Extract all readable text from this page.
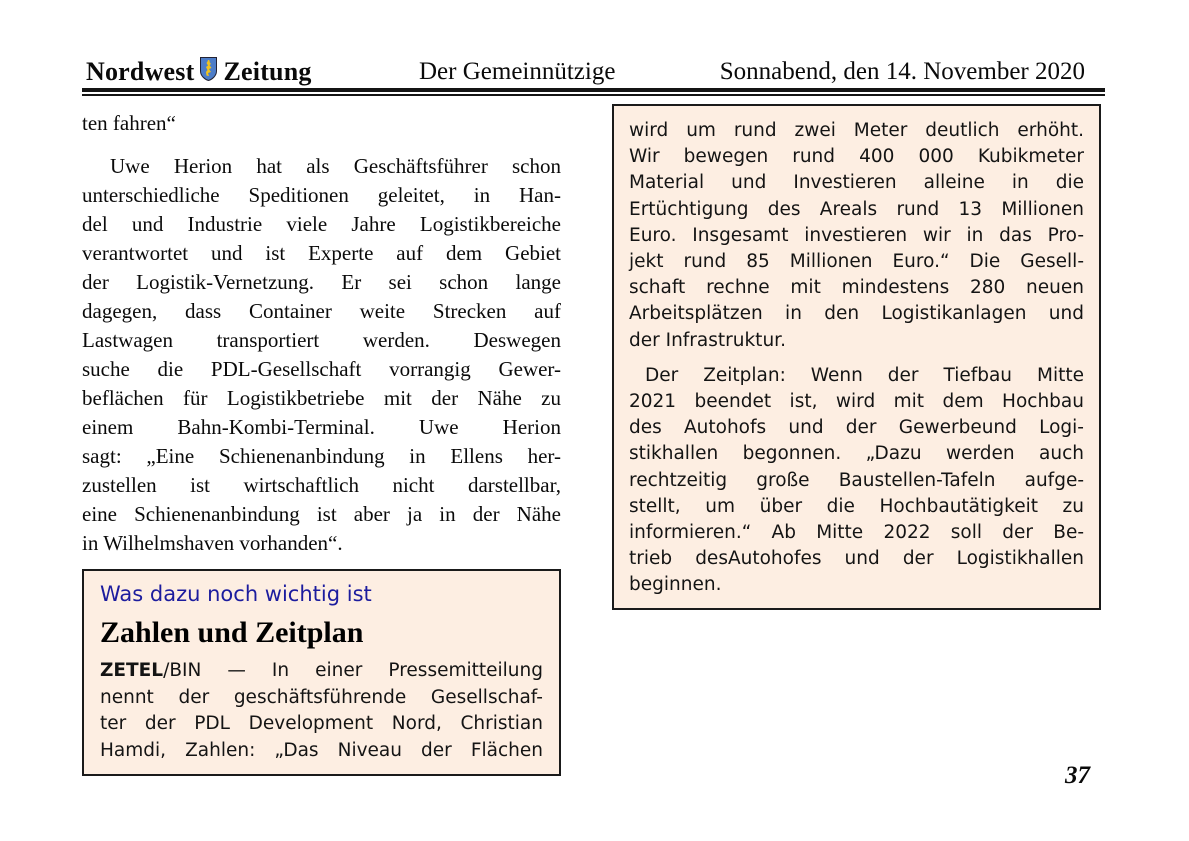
Nordwest Zeitung	Der Gemeinnützige	Sonnabend, den 14. November 2020
ten fahren“
Uwe Herion hat als Geschäftsführer schon
unterschiedliche Speditionen geleitet, in Han-
del und Industrie viele Jahre Logistikbereiche
verantwortet und ist Experte auf dem Gebiet
der Logistik-Vernetzung. Er sei schon lange
dagegen, dass Container weite Strecken auf
Lastwagen transportiert werden. Deswegen
suche die PDL-Gesellschaft vorrangig Gewer-
beflächen für Logistikbetriebe mit der Nähe zu
einem Bahn-Kombi-Terminal. Uwe Herion
sagt: „Eine Schienenanbindung in Ellens her-
zustellen ist wirtschaftlich nicht darstellbar,
eine Schienenanbindung ist aber ja in der Nähe
in Wilhelmshaven vorhanden“.
Was dazu noch wichtig ist
Zahlen und Zeitplan
ZETEL/BIN — In einer Pressemitteilung
nennt der geschäftsführende Gesellschaf-
ter der PDL Development Nord, Christian
Hamdi, Zahlen: „Das Niveau der Flächen
wird um rund zwei Meter deutlich erhöht.
Wir bewegen rund 400 000 Kubikmeter
Material und Investieren alleine in die
Ertüchtigung des Areals rund 13 Millionen
Euro. Insgesamt investieren wir in das Pro-
jekt rund 85 Millionen Euro.“ Die Gesell-
schaft rechne mit mindestens 280 neuen
Arbeitsplätzen in den Logistikanlagen und
der Infrastruktur.
Der Zeitplan: Wenn der Tiefbau Mitte
2021 beendet ist, wird mit dem Hochbau
des Autohofs und der Gewerbeund Logi-
stikhallen begonnen. „Dazu werden auch
rechtzeitig große Baustellen-Tafeln aufge-
stellt, um über die Hochbautätigkeit zu
informieren.“ Ab Mitte 2022 soll der Be-
trieb desAutohofes und der Logistikhallen
beginnen.
37
